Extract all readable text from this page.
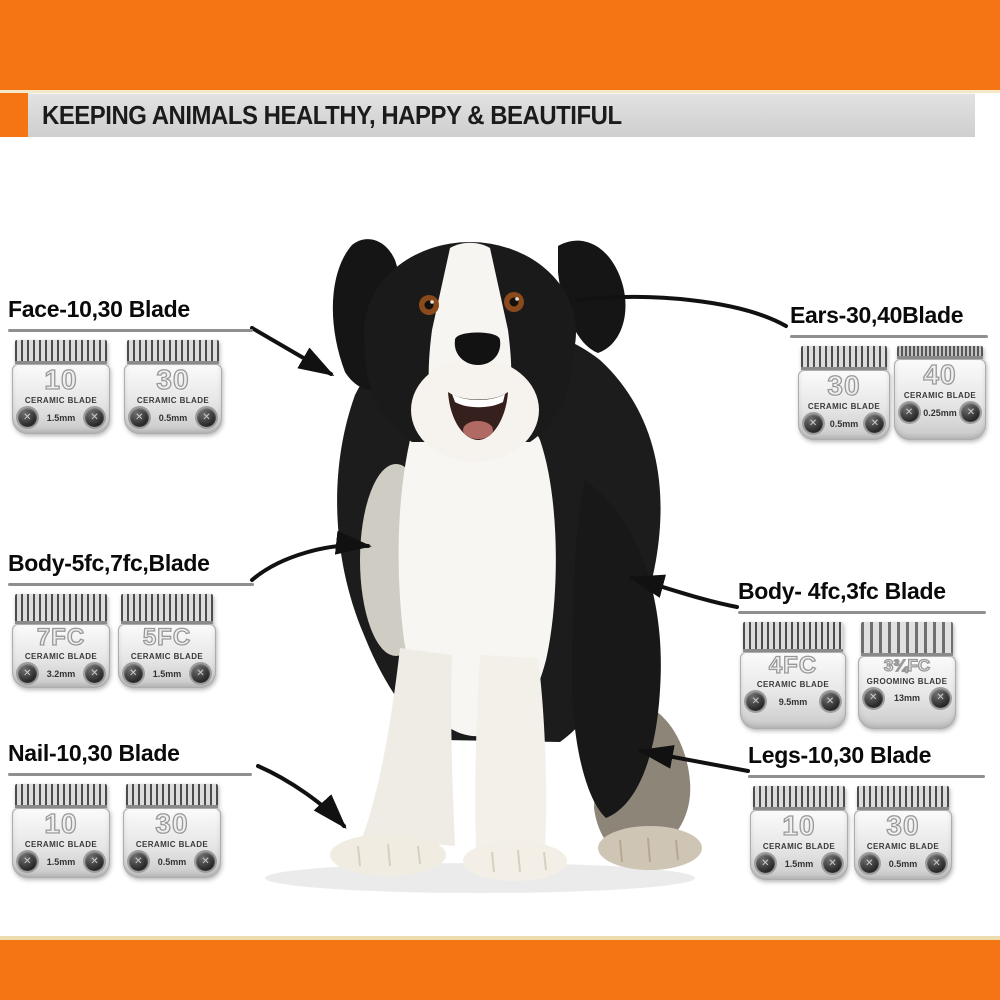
KEEPING ANIMALS HEALTHY, HAPPY & BEAUTIFUL
Face-10,30 Blade
10
CERAMIC BLADE
✕	1.5mm	✕
30
CERAMIC BLADE
✕	0.5mm	✕
Ears-30,40Blade
30
CERAMIC BLADE
✕	0.5mm	✕
40
CERAMIC BLADE
✕	0.25mm	✕
Body-5fc,7fc,Blade
7FC
CERAMIC BLADE
✕	3.2mm	✕
5FC
CERAMIC BLADE
✕	1.5mm	✕
Body- 4fc,3fc Blade
4FC
CERAMIC BLADE
✕	9.5mm	✕
3¾FC
GROOMING BLADE
✕	13mm	✕
Nail-10,30 Blade
10
CERAMIC BLADE
✕	1.5mm	✕
30
CERAMIC BLADE
✕	0.5mm	✕
Legs-10,30 Blade
10
CERAMIC BLADE
✕	1.5mm	✕
30
CERAMIC BLADE
✕	0.5mm	✕
